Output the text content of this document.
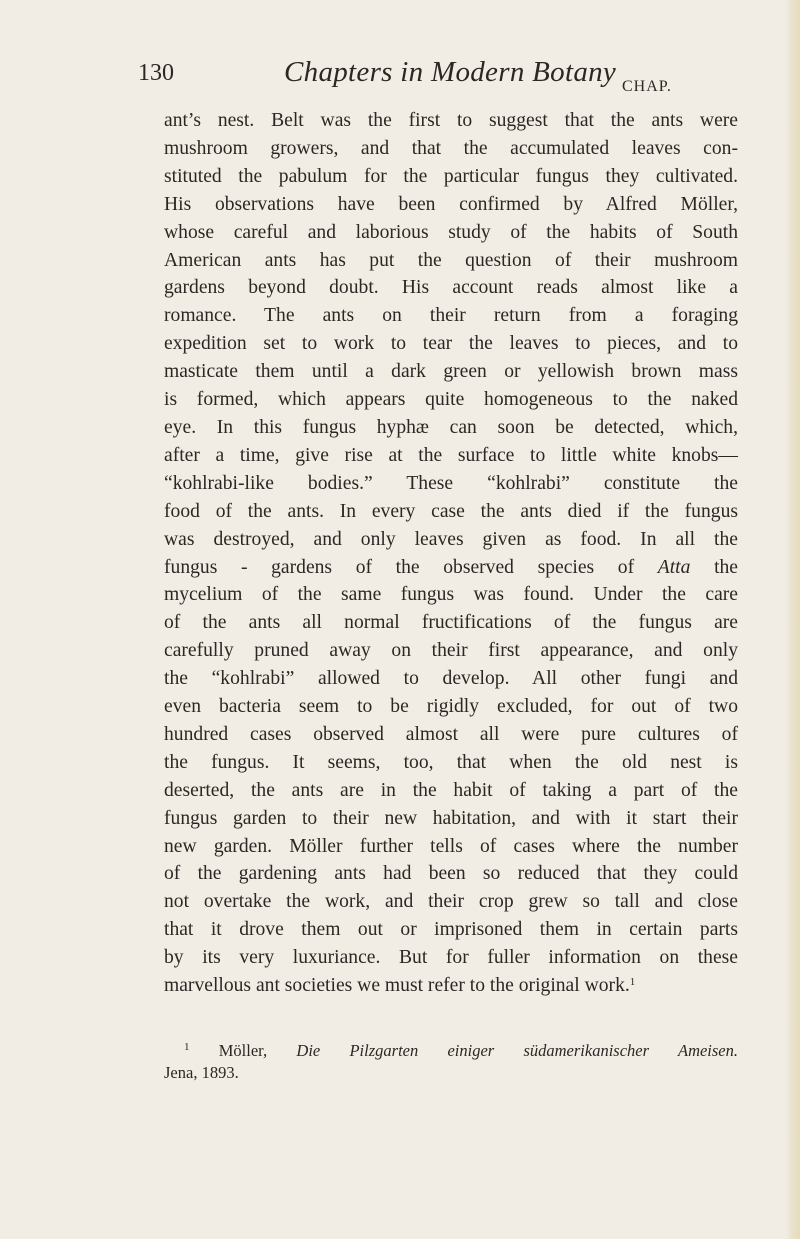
130	Chapters in Modern Botany CHAP.
ant’s nest. Belt was the first to suggest that the ants were
mushroom growers, and that the accumulated leaves con-
stituted the pabulum for the particular fungus they cultivated.
His observations have been confirmed by Alfred Möller,
whose careful and laborious study of the habits of South
American ants has put the question of their mushroom
gardens beyond doubt. His account reads almost like a
romance. The ants on their return from a foraging
expedition set to work to tear the leaves to pieces, and to
masticate them until a dark green or yellowish brown mass
is formed, which appears quite homogeneous to the naked
eye. In this fungus hyphæ can soon be detected, which,
after a time, give rise at the surface to little white knobs—
“kohlrabi-like bodies.” These “kohlrabi” constitute the
food of the ants. In every case the ants died if the fungus
was destroyed, and only leaves given as food. In all the
fungus - gardens of the observed species of Atta the
mycelium of the same fungus was found. Under the care
of the ants all normal fructifications of the fungus are
carefully pruned away on their first appearance, and only
the “kohlrabi” allowed to develop. All other fungi and
even bacteria seem to be rigidly excluded, for out of two
hundred cases observed almost all were pure cultures of
the fungus. It seems, too, that when the old nest is
deserted, the ants are in the habit of taking a part of the
fungus garden to their new habitation, and with it start their
new garden. Möller further tells of cases where the number
of the gardening ants had been so reduced that they could
not overtake the work, and their crop grew so tall and close
that it drove them out or imprisoned them in certain parts
by its very luxuriance. But for fuller information on these
marvellous ant societies we must refer to the original work.$^1$
$^1$ Möller, Die Pilzgarten einiger südamerikanischer Ameisen.
Jena, 1893.
